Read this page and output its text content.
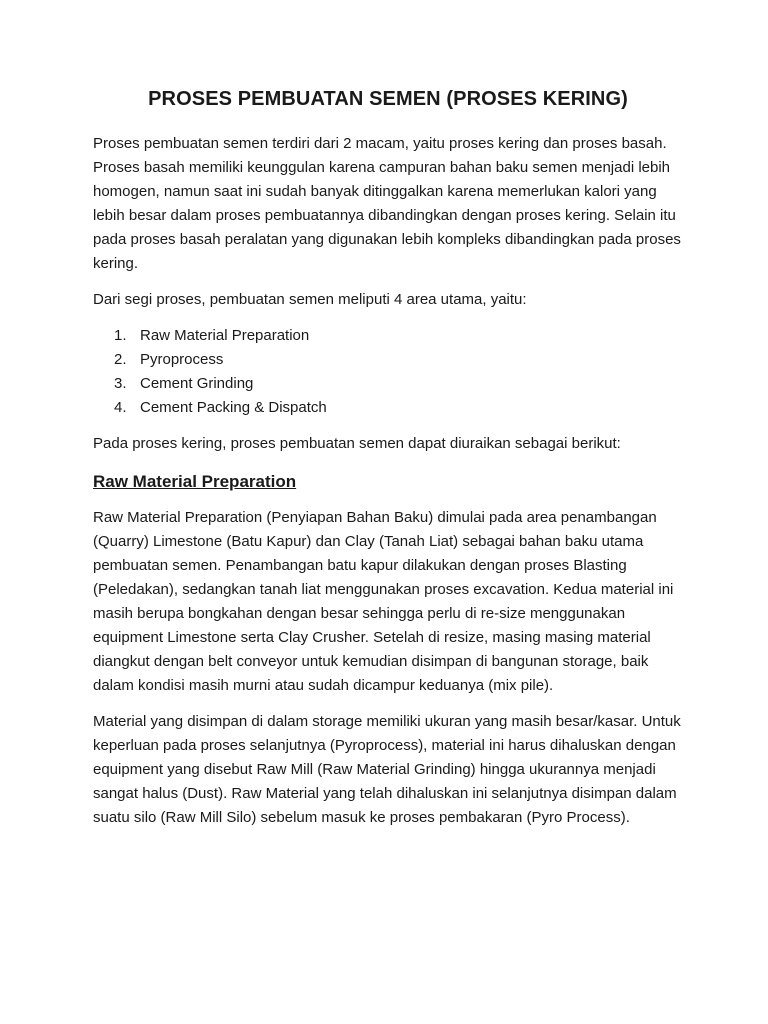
PROSES PEMBUATAN SEMEN (PROSES KERING)

Proses pembuatan semen terdiri dari 2 macam, yaitu proses kering dan proses basah. Proses basah memiliki keunggulan karena campuran bahan baku semen menjadi lebih homogen, namun saat ini sudah banyak ditinggalkan karena memerlukan kalori yang lebih besar dalam proses pembuatannya dibandingkan dengan proses kering. Selain itu pada proses basah peralatan yang digunakan lebih kompleks dibandingkan pada proses kering.

Dari segi proses, pembuatan semen meliputi 4 area utama, yaitu:

1. Raw Material Preparation
2. Pyroprocess
3. Cement Grinding
4. Cement Packing & Dispatch

Pada proses kering, proses pembuatan semen dapat diuraikan sebagai berikut:

Raw Material Preparation

Raw Material Preparation (Penyiapan Bahan Baku) dimulai pada area penambangan (Quarry) Limestone (Batu Kapur) dan Clay (Tanah Liat) sebagai bahan baku utama pembuatan semen. Penambangan batu kapur dilakukan dengan proses Blasting (Peledakan), sedangkan tanah liat menggunakan proses excavation. Kedua material ini masih berupa bongkahan dengan besar sehingga perlu di re-size menggunakan equipment Limestone serta Clay Crusher. Setelah di resize, masing masing material diangkut dengan belt conveyor untuk kemudian disimpan di bangunan storage, baik dalam kondisi masih murni atau sudah dicampur keduanya (mix pile).

Material yang disimpan di dalam storage memiliki ukuran yang masih besar/kasar. Untuk keperluan pada proses selanjutnya (Pyroprocess), material ini harus dihaluskan dengan equipment yang disebut Raw Mill (Raw Material Grinding) hingga ukurannya menjadi sangat halus (Dust). Raw Material yang telah dihaluskan ini selanjutnya disimpan dalam suatu silo (Raw Mill Silo) sebelum masuk ke proses pembakaran (Pyro Process).
